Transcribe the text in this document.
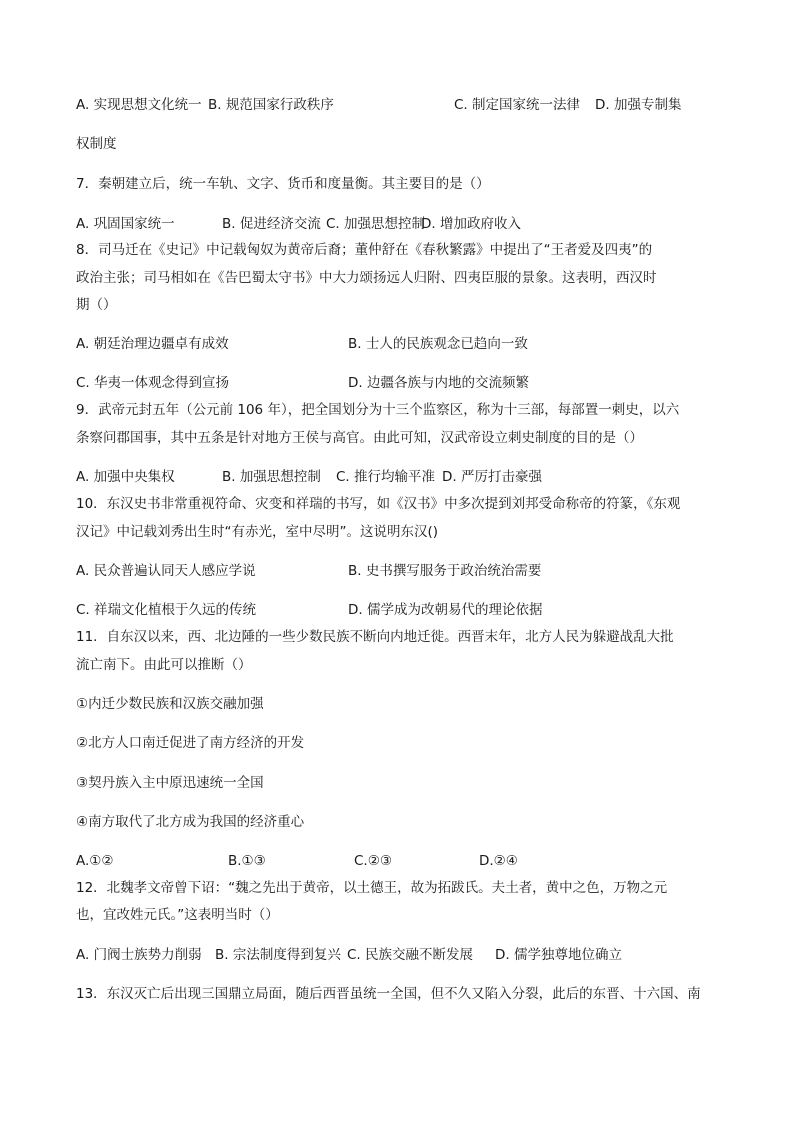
A. 实现思想文化统一 B. 规范国家行政秩序	C. 制定国家统一法律 D. 加强专制集
权制度
7．秦朝建立后，统一车轨、文字、货币和度量衡。其主要目的是（）
A. 巩固国家统一	B. 促进经济交流 C. 加强思想控制
D. 增加政府收入
8．司马迁在《史记》中记载匈奴为黄帝后裔；董仲舒在《春秋繁露》中提出了“王者爱及四夷”的
政治主张；司马相如在《告巴蜀太守书》中大力颂扬远人归附、四夷臣服的景象。这表明，西汉时
期（）
A. 朝廷治理边疆卓有成效	B. 士人的民族观念已趋向一致
C. 华夷一体观念得到宣扬	D. 边疆各族与内地的交流频繁
9．武帝元封五年（公元前 106 年），把全国划分为十三个监察区，称为十三部，每部置一刺史，以六
条察问郡国事，其中五条是针对地方王侯与高官。由此可知，汉武帝设立刺史制度的目的是（）
A. 加强中央集权	B. 加强思想控制 C. 推行均输平准 D. 严厉打击豪强
10．东汉史书非常重视符命、灾变和祥瑞的书写，如《汉书》中多次提到刘邦受命称帝的符篆，《东观
汉记》中记载刘秀出生时“有赤光，室中尽明”。这说明东汉()
A. 民众普遍认同天人感应学说	B. 史书撰写服务于政治统治需要
C. 祥瑞文化植根于久远的传统	D. 儒学成为改朝易代的理论依据
11．自东汉以来，西、北边陲的一些少数民族不断向内地迁徙。西晋末年，北方人民为躲避战乱大批
流亡南下。由此可以推断（）
①内迁少数民族和汉族交融加强
②北方人口南迁促进了南方经济的开发
③契丹族入主中原迅速统一全国
④南方取代了北方成为我国的经济重心
A.①②	B.①③	C.②③	D.②④
12．北魏孝文帝曾下诏：“魏之先出于黄帝，以土德王，故为拓跋氏。夫土者，黄中之色，万物之元
也，宜改姓元氏。”这表明当时（）
A. 门阀士族势力削弱 B. 宗法制度得到复兴 C. 民族交融不断发展 D. 儒学独尊地位确立
13．东汉灭亡后出现三国鼎立局面，随后西晋虽统一全国，但不久又陷入分裂，此后的东晋、十六国、南
